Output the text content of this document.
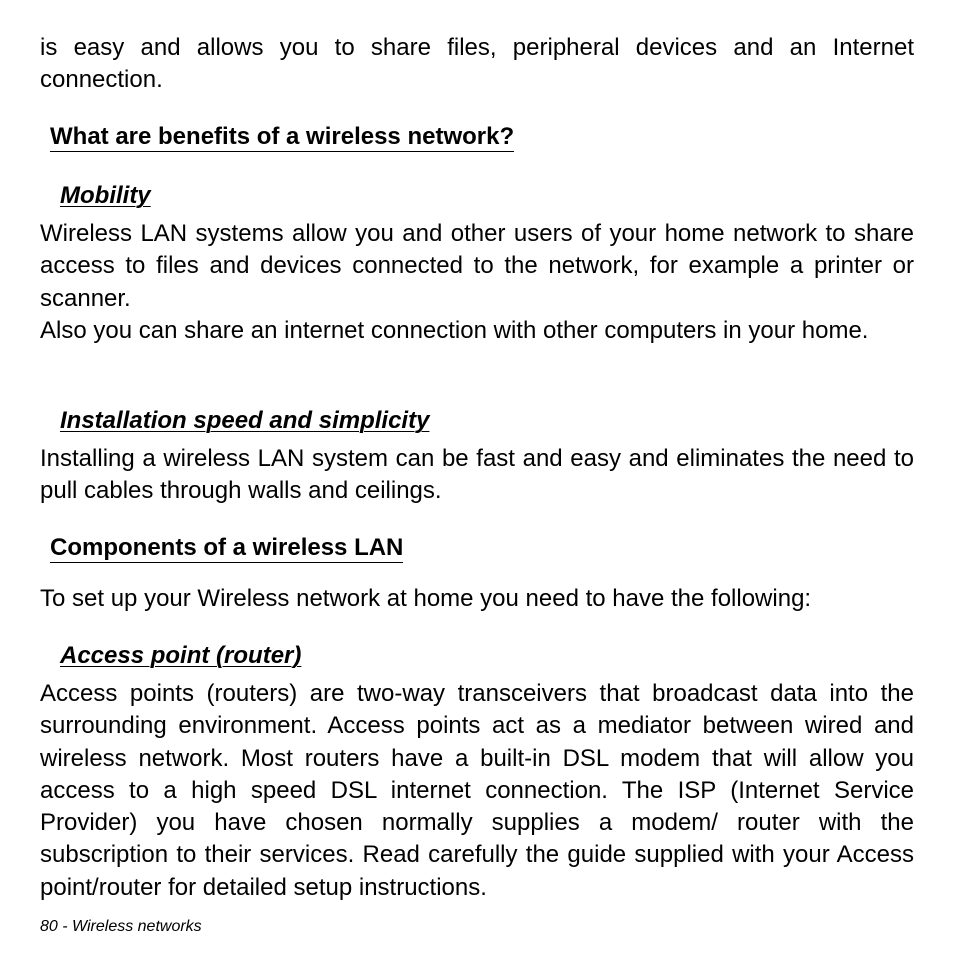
is easy and allows you to share files, peripheral devices and an Internet connection.

What are benefits of a wireless network?
Mobility

Wireless LAN systems allow you and other users of your home network to share access to files and devices connected to the network, for example a printer or scanner.

Also you can share an internet connection with other computers in your home.

Installation speed and simplicity

Installing a wireless LAN system can be fast and easy and eliminates the need to pull cables through walls and ceilings.

Components of a wireless LAN

To set up your Wireless network at home you need to have the following:

Access point (router)

Access points (routers) are two-way transceivers that broadcast data into the surrounding environment. Access points act as a mediator between wired and wireless network. Most routers have a built-in DSL modem that will allow you access to a high speed DSL internet connection. The ISP (Internet Service Provider) you have chosen normally supplies a modem/ router with the subscription to their services. Read carefully the guide supplied with your Access point/router for detailed setup instructions.

80 - Wireless networks
